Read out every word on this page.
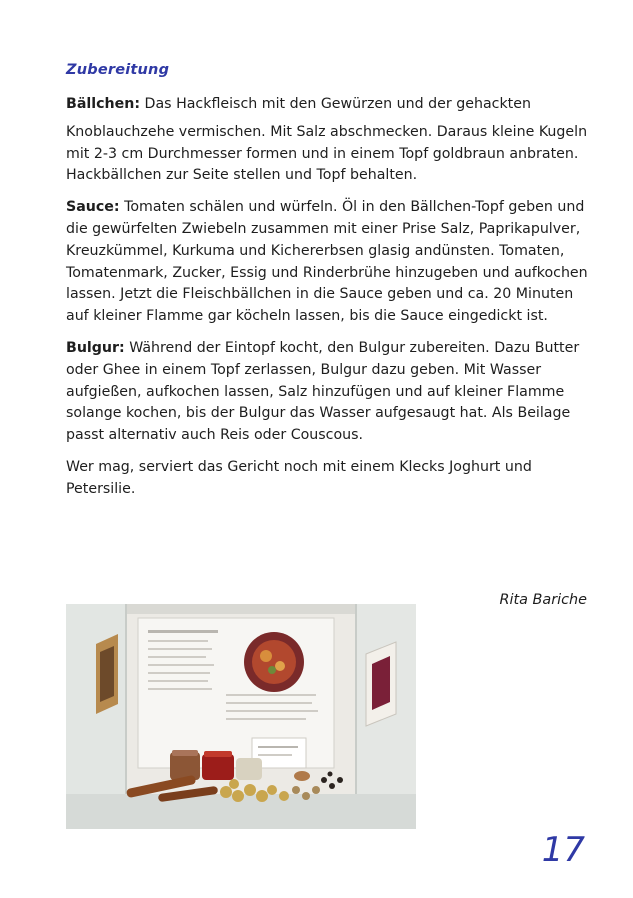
Zubereitung

Bällchen: Das Hackfleisch mit den Gewürzen und der gehackten

Knoblauchzehe vermischen. Mit Salz abschmecken. Daraus kleine Kugeln mit 2-3 cm Durchmesser formen und in einem Topf goldbraun anbraten. Hackbällchen zur Seite stellen und Topf behalten.

Sauce: Tomaten schälen und würfeln. Öl in den Bällchen-Topf geben und die gewürfelten Zwiebeln zusammen mit einer Prise Salz, Paprikapulver, Kreuzkümmel, Kurkuma und Kichererbsen glasig andünsten. Tomaten, Tomatenmark, Zucker, Essig und Rinderbrühe hinzugeben und aufkochen lassen. Jetzt die Fleischbällchen in die Sauce geben und ca. 20 Minuten auf kleiner Flamme gar köcheln lassen, bis die Sauce eingedickt ist.

Bulgur: Während der Eintopf kocht, den Bulgur zubereiten. Dazu Butter oder Ghee in einem Topf zerlassen, Bulgur dazu geben. Mit Wasser aufgießen, aufkochen lassen, Salz hinzufügen und auf kleiner Flamme solange kochen, bis der Bulgur das Wasser aufgesaugt hat. Als Beilage passt alternativ auch Reis oder Couscous.

Wer mag, serviert das Gericht noch mit einem Klecks Joghurt und Petersilie.

Rita Bariche
17
